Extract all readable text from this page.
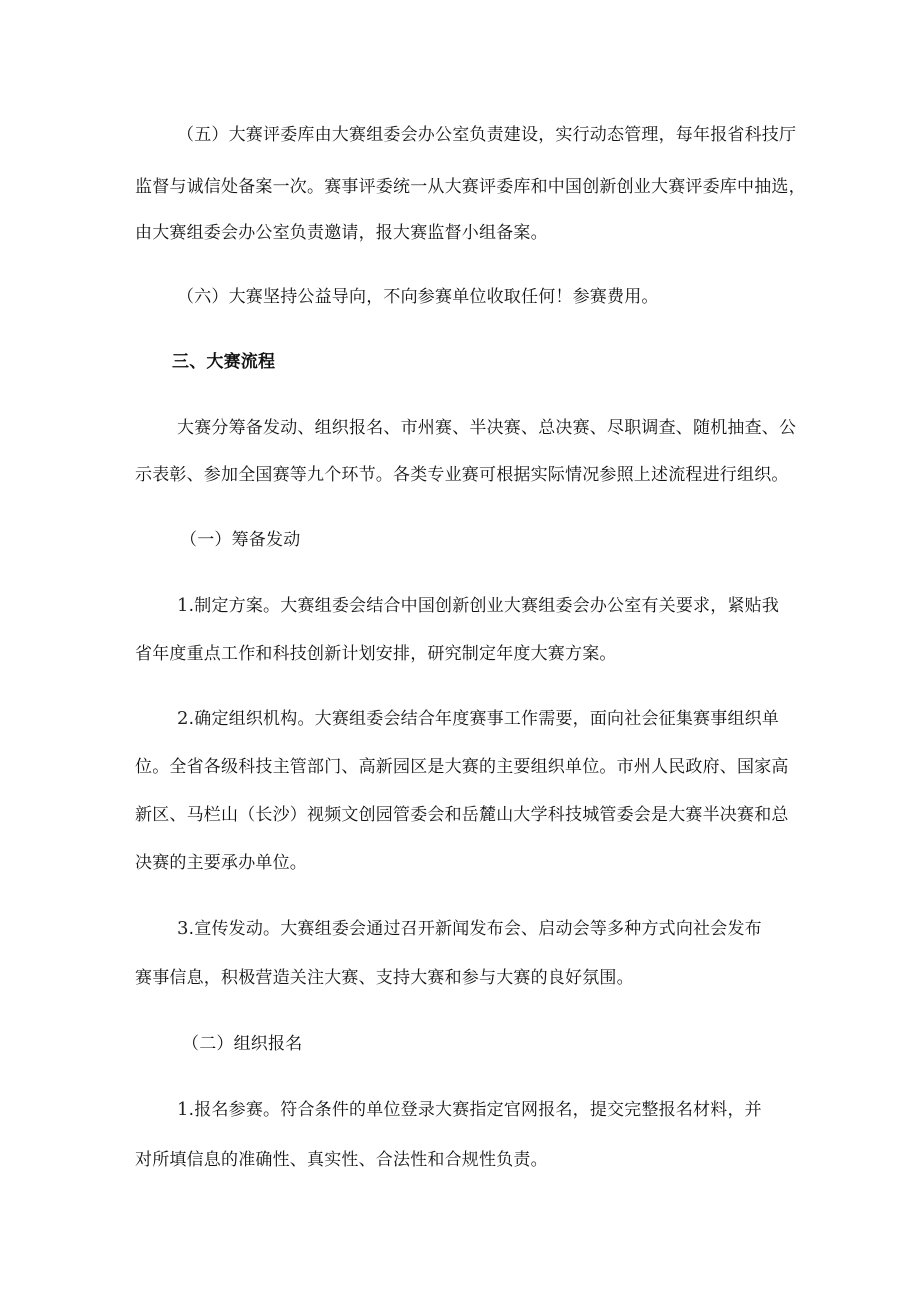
（五）大赛评委库由大赛组委会办公室负责建设，实行动态管理，每年报省科技厅
监督与诚信处备案一次。赛事评委统一从大赛评委库和中国创新创业大赛评委库中抽选，
由大赛组委会办公室负责邀请，报大赛监督小组备案。
（六）大赛坚持公益导向，不向参赛单位收取任何！参赛费用。
三、大赛流程
大赛分筹备发动、组织报名、市州赛、半决赛、总决赛、尽职调查、随机抽查、公
示表彰、参加全国赛等九个环节。各类专业赛可根据实际情况参照上述流程进行组织。
（一）筹备发动
1.制定方案。大赛组委会结合中国创新创业大赛组委会办公室有关要求，紧贴我
省年度重点工作和科技创新计划安排，研究制定年度大赛方案。
2.确定组织机构。大赛组委会结合年度赛事工作需要，面向社会征集赛事组织单
位。全省各级科技主管部门、高新园区是大赛的主要组织单位。市州人民政府、国家高
新区、马栏山（长沙）视频文创园管委会和岳麓山大学科技城管委会是大赛半决赛和总
决赛的主要承办单位。
3.宣传发动。大赛组委会通过召开新闻发布会、启动会等多种方式向社会发布
赛事信息，积极营造关注大赛、支持大赛和参与大赛的良好氛围。
（二）组织报名
1.报名参赛。符合条件的单位登录大赛指定官网报名，提交完整报名材料，并
对所填信息的准确性、真实性、合法性和合规性负责。
